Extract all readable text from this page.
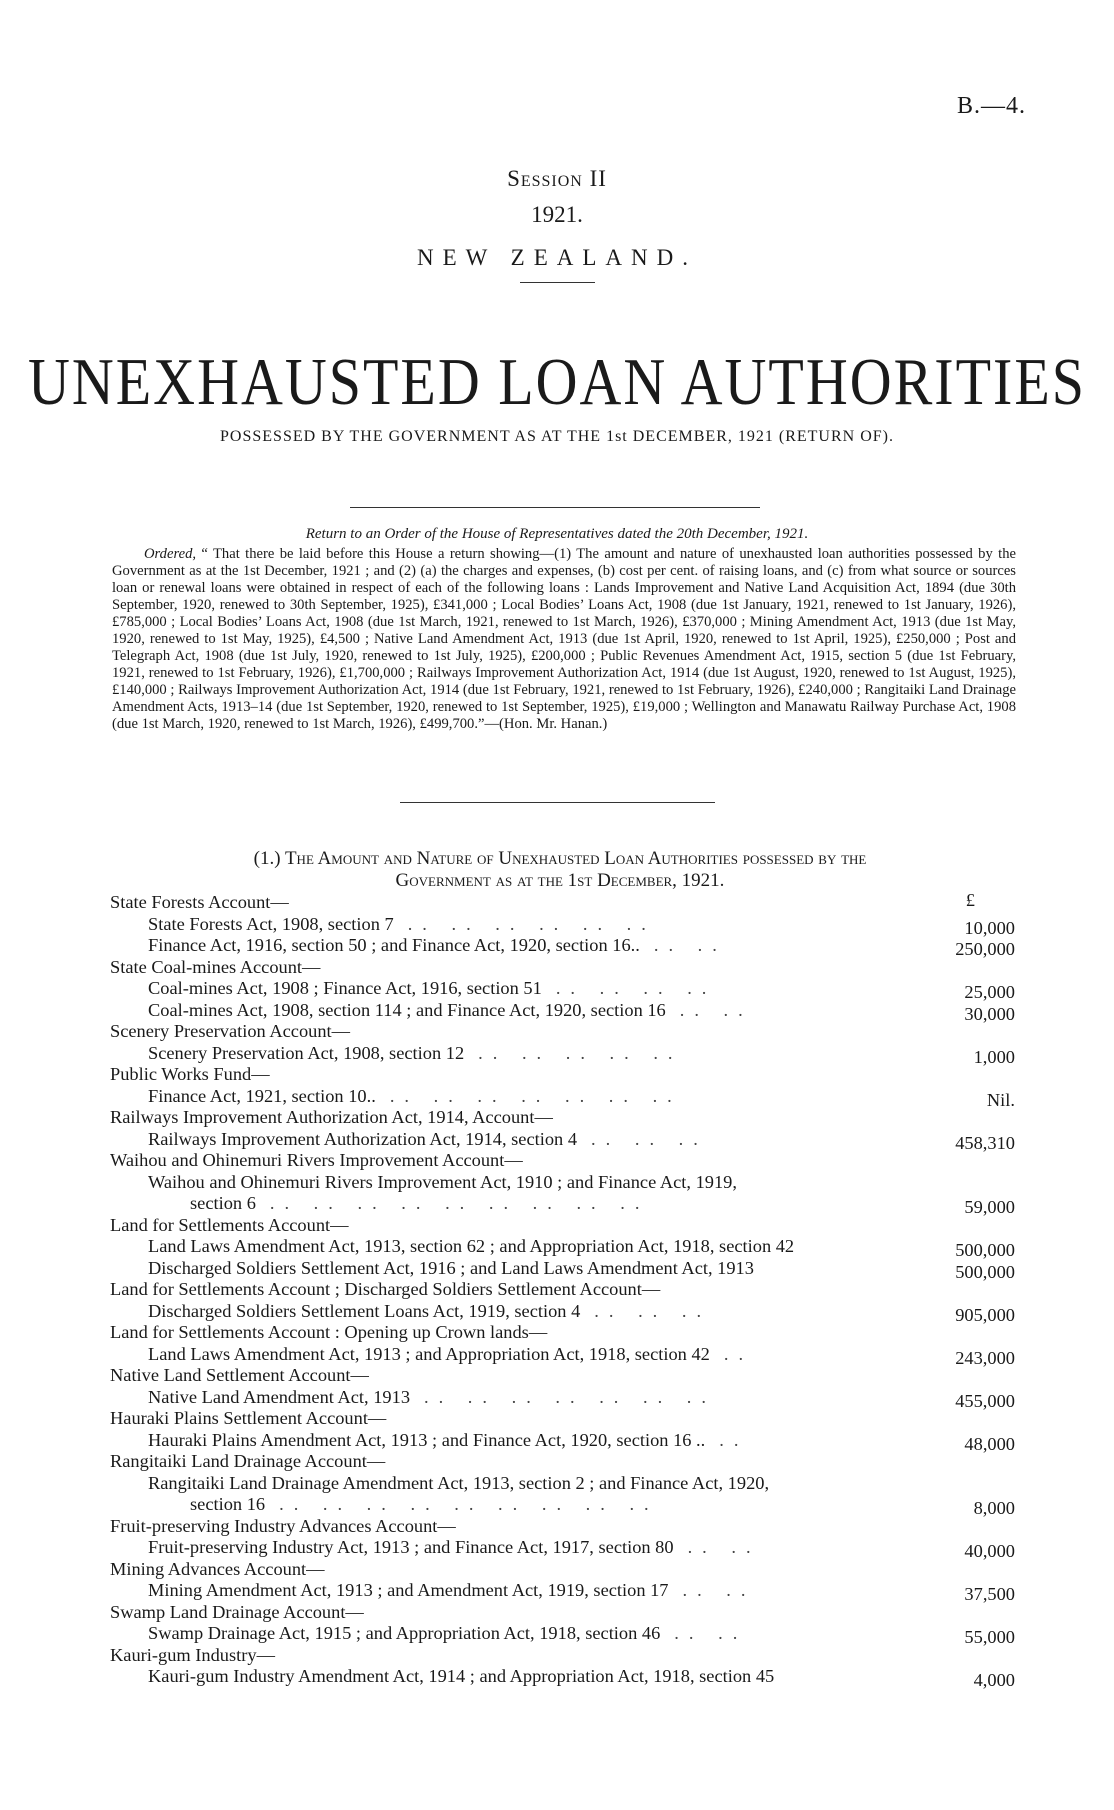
B.—4.
Session II
1921.
NEW ZEALAND.
UNEXHAUSTED LOAN AUTHORITIES
POSSESSED BY THE GOVERNMENT AS AT THE 1st DECEMBER, 1921 (RETURN OF).
Return to an Order of the House of Representatives dated the 20th December, 1921.
Ordered, “ That there be laid before this House a return showing—(1) The amount and nature of unexhausted loan authorities possessed by the Government as at the 1st December, 1921 ; and (2) (a) the charges and expenses, (b) cost per cent. of raising loans, and (c) from what source or sources loan or renewal loans were obtained in respect of each of the following loans : Lands Improvement and Native Land Acquisition Act, 1894 (due 30th September, 1920, renewed to 30th September, 1925), £341,000 ; Local Bodies’ Loans Act, 1908 (due 1st January, 1921, renewed to 1st January, 1926), £785,000 ; Local Bodies’ Loans Act, 1908 (due 1st March, 1921, renewed to 1st March, 1926), £370,000 ; Mining Amendment Act, 1913 (due 1st May, 1920, renewed to 1st May, 1925), £4,500 ; Native Land Amendment Act, 1913 (due 1st April, 1920, renewed to 1st April, 1925), £250,000 ; Post and Telegraph Act, 1908 (due 1st July, 1920, renewed to 1st July, 1925), £200,000 ; Public Revenues Amendment Act, 1915, section 5 (due 1st February, 1921, renewed to 1st February, 1926), £1,700,000 ; Railways Improvement Authorization Act, 1914 (due 1st August, 1920, renewed to 1st August, 1925), £140,000 ; Railways Improvement Authorization Act, 1914 (due 1st February, 1921, renewed to 1st February, 1926), £240,000 ; Rangitaiki Land Drainage Amendment Acts, 1913–14 (due 1st September, 1920, renewed to 1st September, 1925), £19,000 ; Wellington and Manawatu Railway Purchase Act, 1908 (due 1st March, 1920, renewed to 1st March, 1926), £499,700.”—(Hon. Mr. Hanan.)
(1.) The Amount and Nature of Unexhausted Loan Authorities possessed by the
Government as at the 1st December, 1921.
£
State Forests Account—
State Forests Act, 1908, section 7 .. .. .. .. .. ..	10,000
Finance Act, 1916, section 50 ; and Finance Act, 1920, section 16.. .. ..	250,000
State Coal-mines Account—
Coal-mines Act, 1908 ; Finance Act, 1916, section 51 .. .. .. ..	25,000
Coal-mines Act, 1908, section 114 ; and Finance Act, 1920, section 16 .. ..	30,000
Scenery Preservation Account—
Scenery Preservation Act, 1908, section 12 .. .. .. .. ..	1,000
Public Works Fund—
Finance Act, 1921, section 10.. .. .. .. .. .. .. ..	Nil.
Railways Improvement Authorization Act, 1914, Account—
Railways Improvement Authorization Act, 1914, section 4 .. .. ..	458,310
Waihou and Ohinemuri Rivers Improvement Account—
Waihou and Ohinemuri Rivers Improvement Act, 1910 ; and Finance Act, 1919,
section 6 .. .. .. .. .. .. .. .. ..	59,000
Land for Settlements Account—
Land Laws Amendment Act, 1913, section 62 ; and Appropriation Act, 1918, section 42	500,000
Discharged Soldiers Settlement Act, 1916 ; and Land Laws Amendment Act, 1913	500,000
Land for Settlements Account ; Discharged Soldiers Settlement Account—
Discharged Soldiers Settlement Loans Act, 1919, section 4 .. .. ..	905,000
Land for Settlements Account : Opening up Crown lands—
Land Laws Amendment Act, 1913 ; and Appropriation Act, 1918, section 42 ..	243,000
Native Land Settlement Account—
Native Land Amendment Act, 1913 .. .. .. .. .. .. ..	455,000
Hauraki Plains Settlement Account—
Hauraki Plains Amendment Act, 1913 ; and Finance Act, 1920, section 16 .. ..	48,000
Rangitaiki Land Drainage Account—
Rangitaiki Land Drainage Amendment Act, 1913, section 2 ; and Finance Act, 1920,
section 16 .. .. .. .. .. .. .. .. ..	8,000
Fruit-preserving Industry Advances Account—
Fruit-preserving Industry Act, 1913 ; and Finance Act, 1917, section 80 .. ..	40,000
Mining Advances Account—
Mining Amendment Act, 1913 ; and Amendment Act, 1919, section 17 .. ..	37,500
Swamp Land Drainage Account—
Swamp Drainage Act, 1915 ; and Appropriation Act, 1918, section 46 .. ..	55,000
Kauri-gum Industry—
Kauri-gum Industry Amendment Act, 1914 ; and Appropriation Act, 1918, section 45	4,000
